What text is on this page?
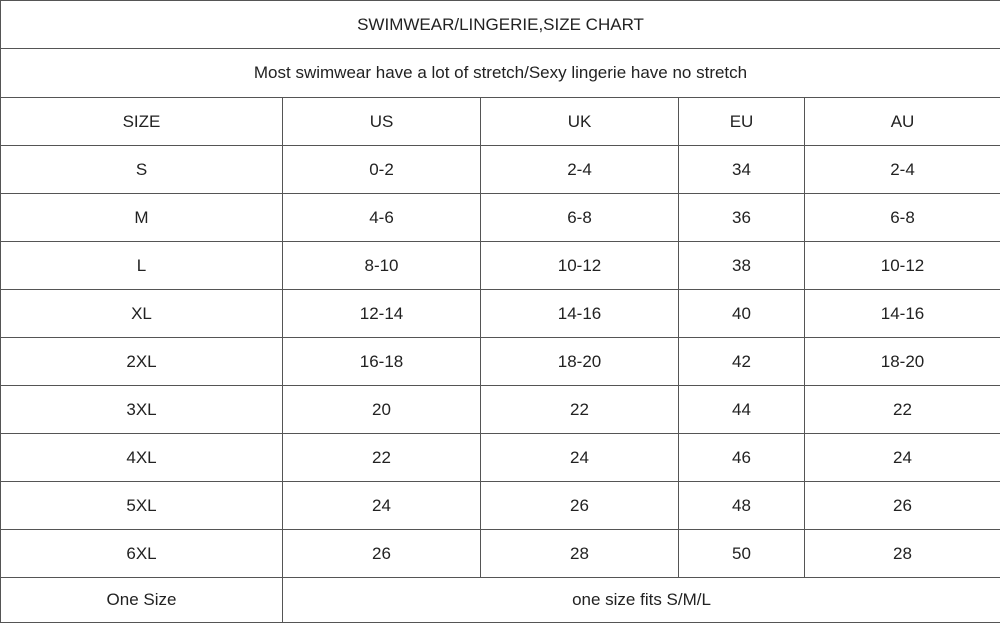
SWIMWEAR/LINGERIE,SIZE CHART				
Most swimwear have a lot of stretch/Sexy lingerie have no stretch				
SIZE	US	UK	EU	AU
S	0-2	2-4	34	2-4
M	4-6	6-8	36	6-8
L	8-10	10-12	38	10-12
XL	12-14	14-16	40	14-16
2XL	16-18	18-20	42	18-20
3XL	20	22	44	22
4XL	22	24	46	24
5XL	24	26	48	26
6XL	26	28	50	28
One Size	one size fits S/M/L			
